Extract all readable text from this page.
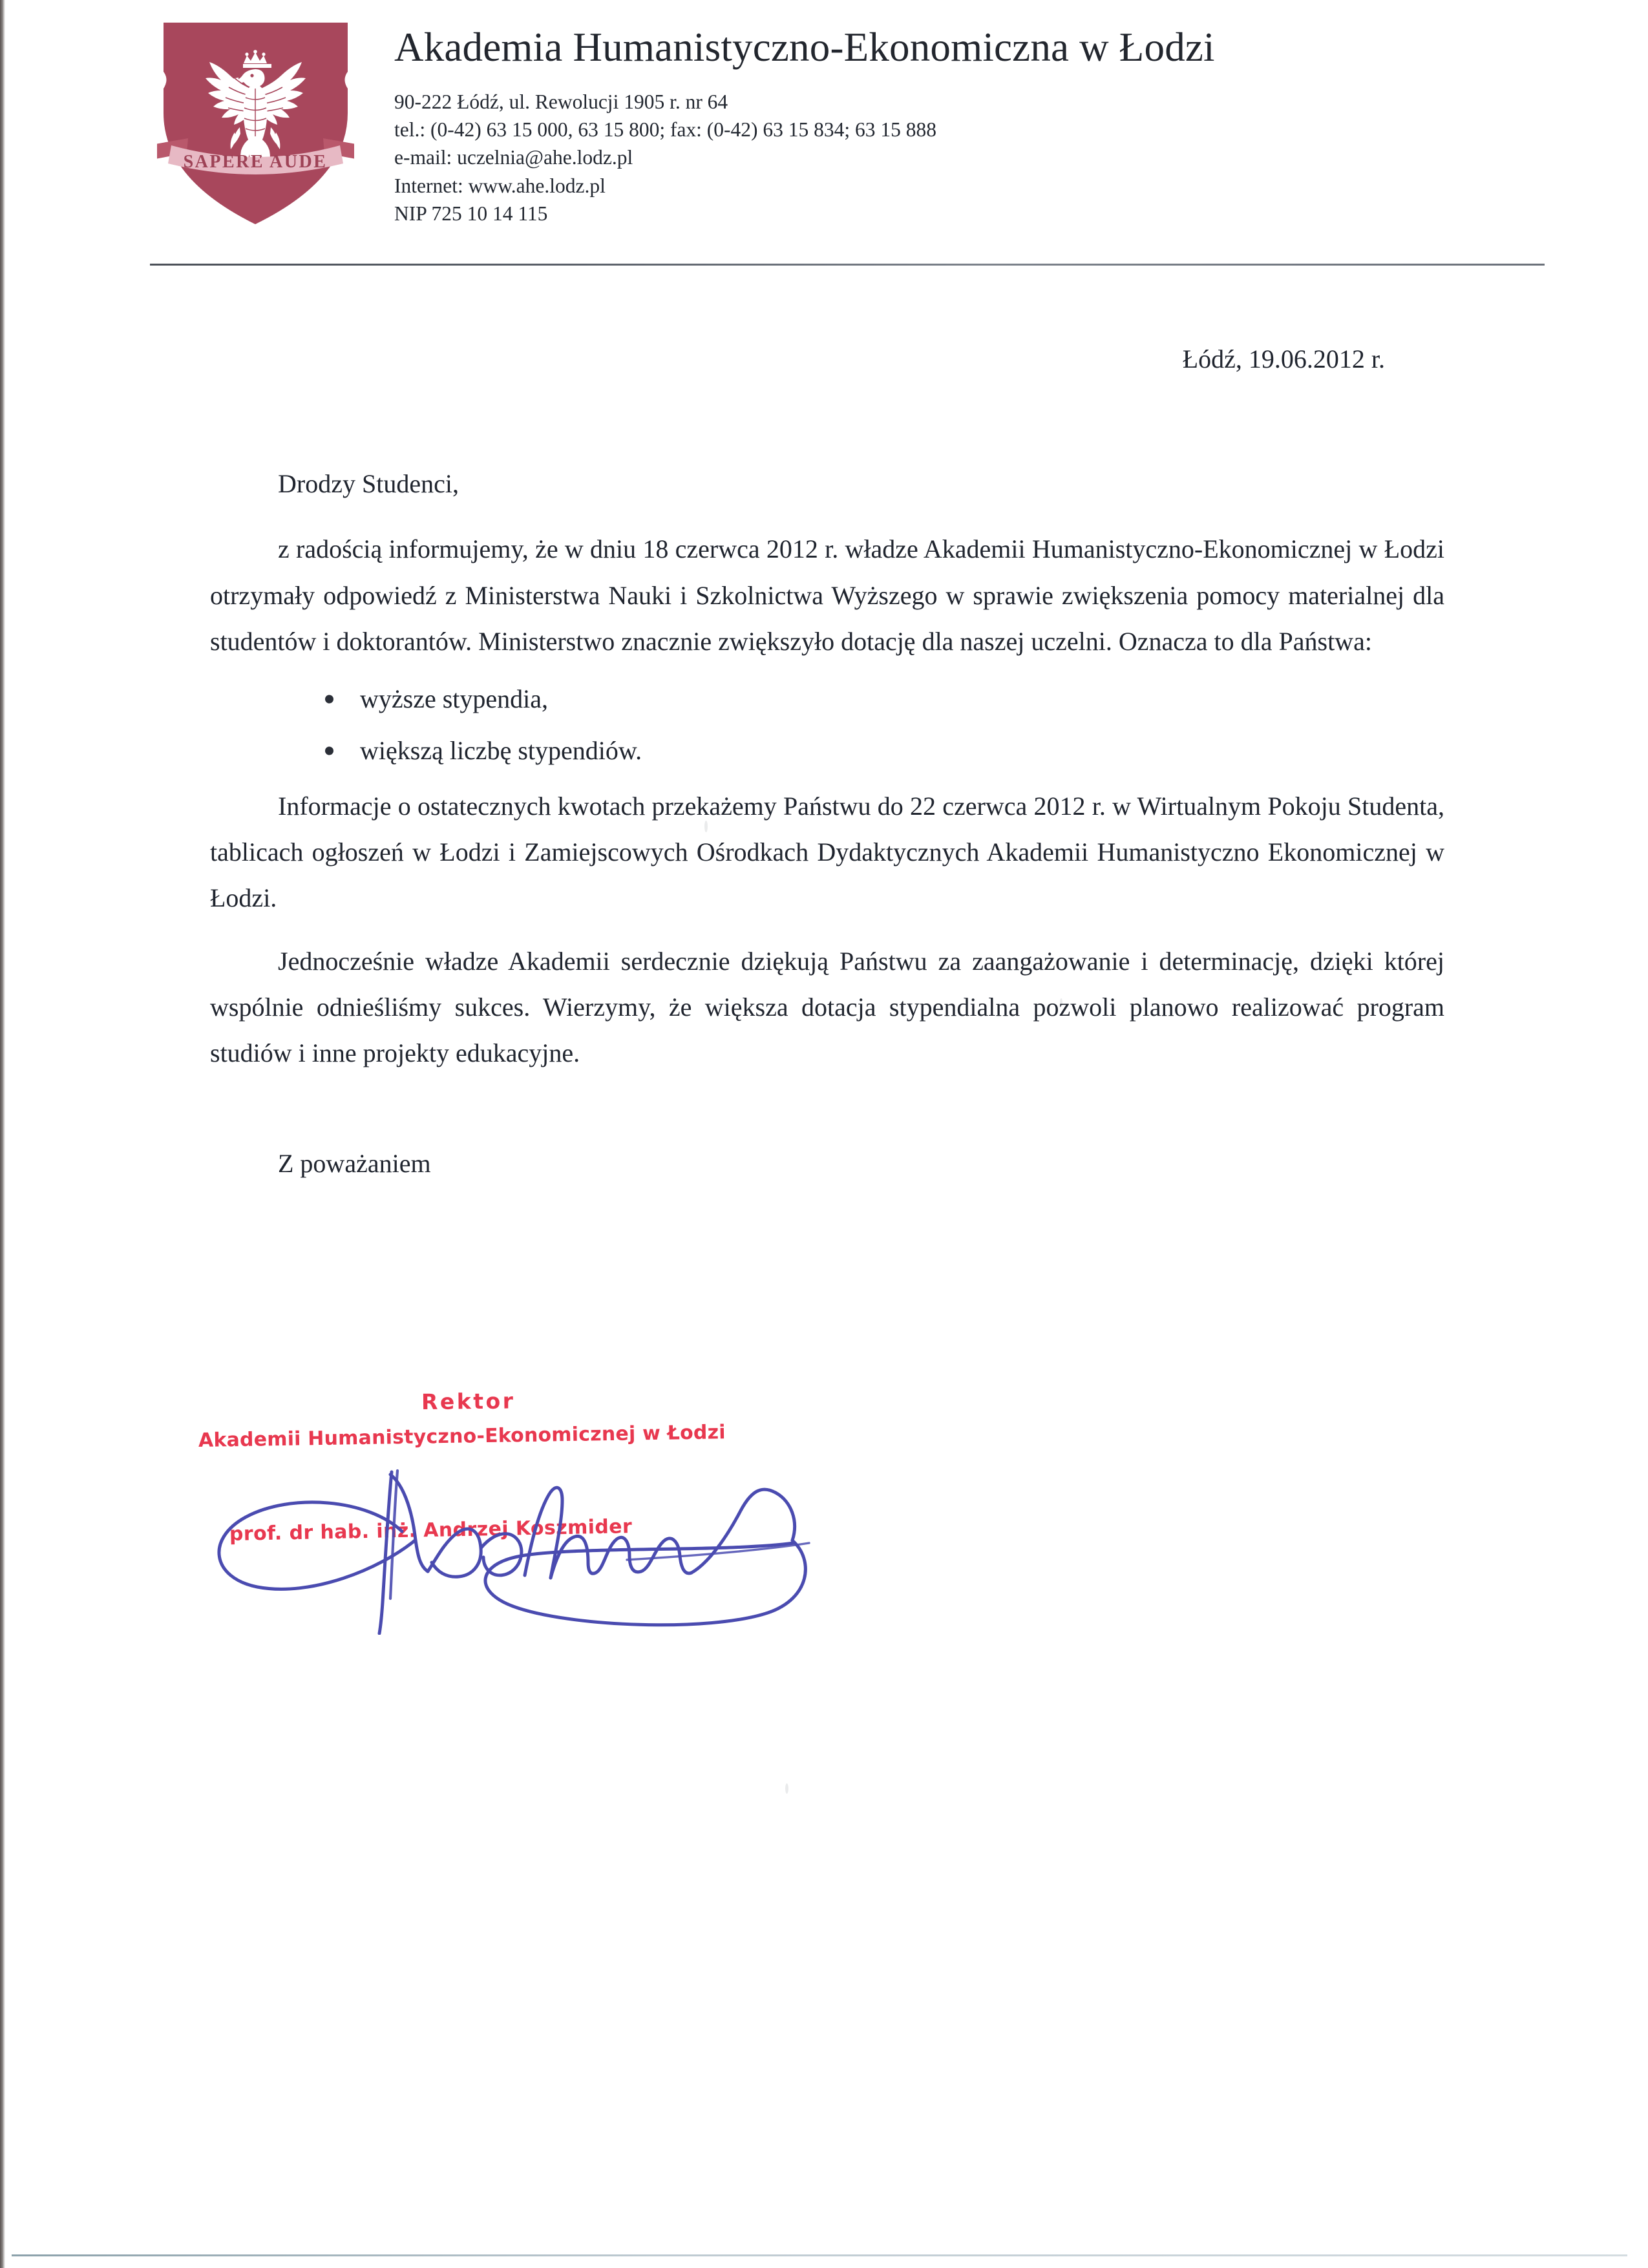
SAPERE AUDE
Akademia Humanistyczno-Ekonomiczna w Łodzi
90-222 Łódź, ul. Rewolucji 1905 r. nr 64
tel.: (0-42) 63 15 000, 63 15 800; fax: (0-42) 63 15 834; 63 15 888
e-mail: uczelnia@ahe.lodz.pl
Internet: www.ahe.lodz.pl
NIP 725 10 14 115
Łódź, 19.06.2012 r.
Drodzy Studenci,

z radością informujemy, że w dniu 18 czerwca 2012 r. władze Akademii Humanistyczno-Ekonomicznej w Łodzi otrzymały odpowiedź z Ministerstwa Nauki i Szkolnictwa Wyższego w sprawie zwiększenia pomocy materialnej dla studentów i doktorantów. Ministerstwo znacznie zwiększyło dotację dla naszej uczelni. Oznacza to dla Państwa:

wyższe stypendia,
większą liczbę stypendiów.

Informacje o ostatecznych kwotach przekażemy Państwu do 22 czerwca 2012 r. w Wirtualnym Pokoju Studenta, tablicach ogłoszeń w Łodzi i Zamiejscowych Ośrodkach Dydaktycznych Akademii Humanistyczno Ekonomicznej w Łodzi.

Jednocześnie władze Akademii serdecznie dziękują Państwu za zaangażowanie i determinację, dzięki której wspólnie odnieśliśmy sukces. Wierzymy, że większa dotacja stypendialna pozwoli planowo realizować program studiów i inne projekty edukacyjne.

Z poważaniem
Rektor
Akademii Humanistyczno-Ekonomicznej w Łodzi
prof. dr hab. inż. Andrzej Koszmider
